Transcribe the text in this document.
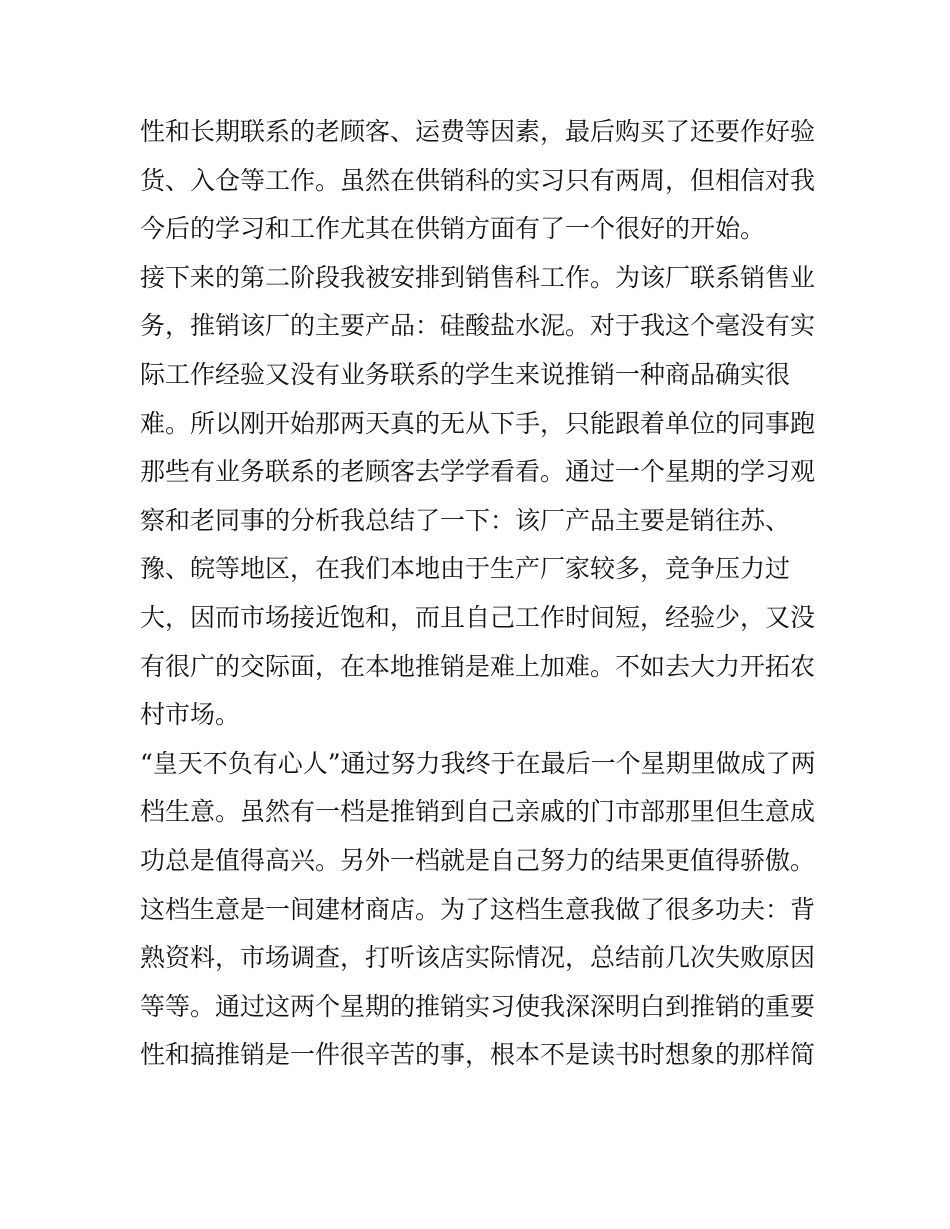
性和长期联系的老顾客、运费等因素，最后购买了还要作好验
货、入仓等工作。虽然在供销科的实习只有两周，但相信对我
今后的学习和工作尤其在供销方面有了一个很好的开始。
接下来的第二阶段我被安排到销售科工作。为该厂联系销售业
务，推销该厂的主要产品：硅酸盐水泥。对于我这个毫没有实
际工作经验又没有业务联系的学生来说推销一种商品确实很
难。所以刚开始那两天真的无从下手，只能跟着单位的同事跑
那些有业务联系的老顾客去学学看看。通过一个星期的学习观
察和老同事的分析我总结了一下：该厂产品主要是销往苏、
豫、皖等地区，在我们本地由于生产厂家较多，竞争压力过
大，因而市场接近饱和，而且自己工作时间短，经验少，又没
有很广的交际面，在本地推销是难上加难。不如去大力开拓农
村市场。
“皇天不负有心人”通过努力我终于在最后一个星期里做成了两
档生意。虽然有一档是推销到自己亲戚的门市部那里但生意成
功总是值得高兴。另外一档就是自己努力的结果更值得骄傲。
这档生意是一间建材商店。为了这档生意我做了很多功夫：背
熟资料，市场调查，打听该店实际情况，总结前几次失败原因
等等。通过这两个星期的推销实习使我深深明白到推销的重要
性和搞推销是一件很辛苦的事，根本不是读书时想象的那样简
